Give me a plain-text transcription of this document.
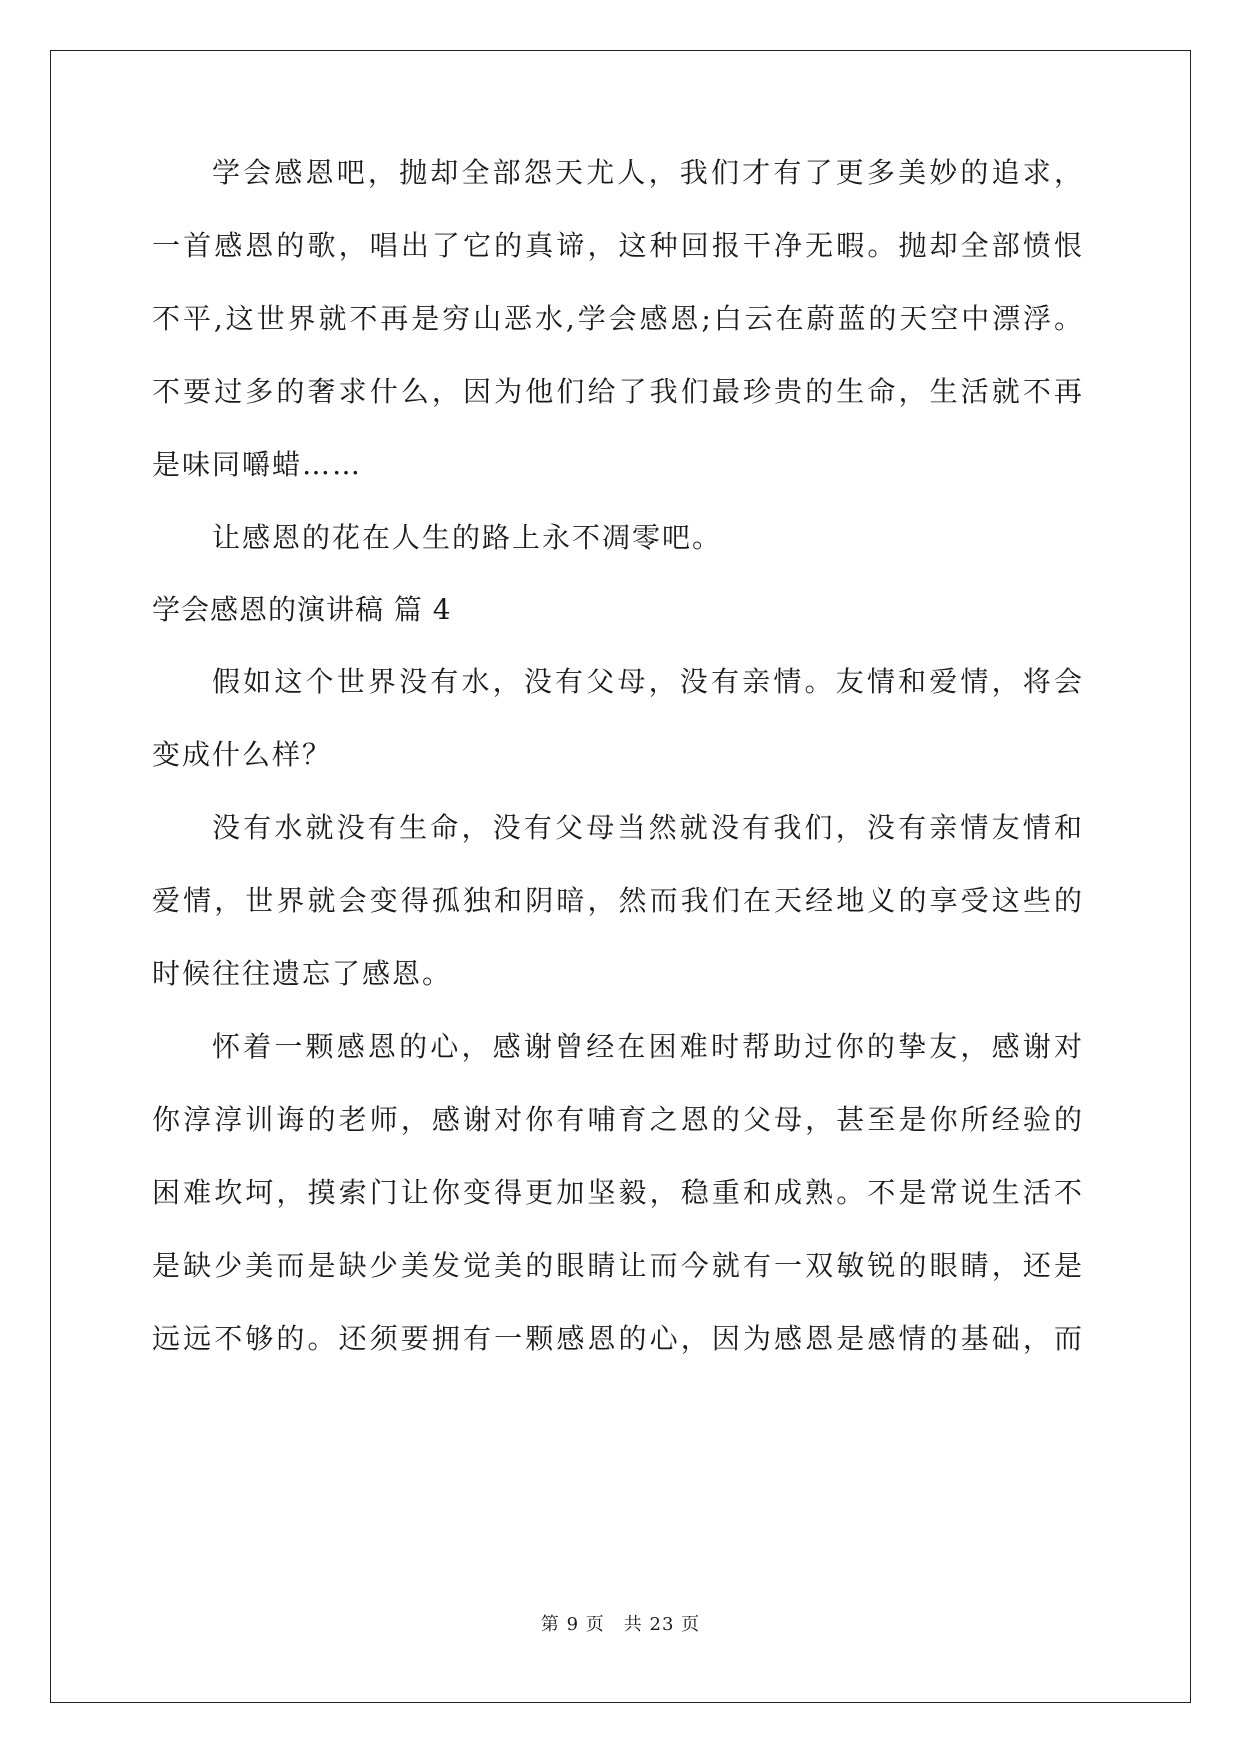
学会感恩吧，抛却全部怨天尤人，我们才有了更多美妙的追求，
一首感恩的歌，唱出了它的真谛，这种回报干净无暇。抛却全部愤恨
不平,这世界就不再是穷山恶水,学会感恩;白云在蔚蓝的天空中漂浮。
不要过多的奢求什么，因为他们给了我们最珍贵的生命，生活就不再
是味同嚼蜡……
让感恩的花在人生的路上永不凋零吧。
学会感恩的演讲稿 篇 4
假如这个世界没有水，没有父母，没有亲情。友情和爱情，将会
变成什么样？
没有水就没有生命，没有父母当然就没有我们，没有亲情友情和
爱情，世界就会变得孤独和阴暗，然而我们在天经地义的享受这些的
时候往往遗忘了感恩。
怀着一颗感恩的心，感谢曾经在困难时帮助过你的挚友，感谢对
你淳淳训诲的老师，感谢对你有哺育之恩的父母，甚至是你所经验的
困难坎坷，摸索门让你变得更加坚毅，稳重和成熟。不是常说生活不
是缺少美而是缺少美发觉美的眼睛让而今就有一双敏锐的眼睛，还是
远远不够的。还须要拥有一颗感恩的心，因为感恩是感情的基础，而
第 9 页　共 23 页
